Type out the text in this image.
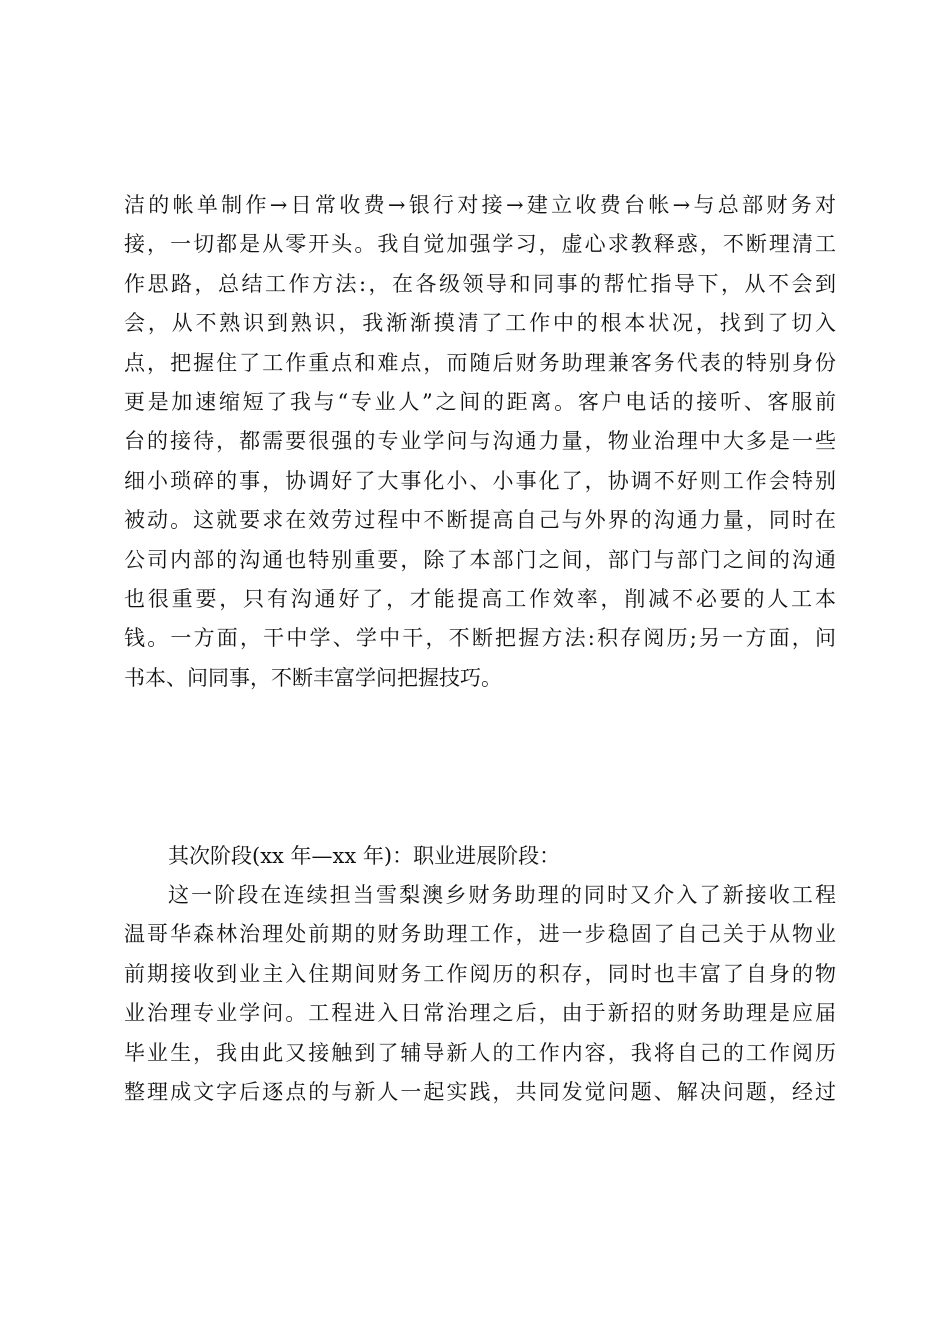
洁的帐单制作→日常收费→银行对接→建立收费台帐→与总部财务对
接，一切都是从零开头。我自觉加强学习，虚心求教释惑，不断理清工
作思路，总结工作方法:，在各级领导和同事的帮忙指导下，从不会到
会，从不熟识到熟识，我渐渐摸清了工作中的根本状况，找到了切入
点，把握住了工作重点和难点，而随后财务助理兼客务代表的特别身份
更是加速缩短了我与“专业人”之间的距离。客户电话的接听、客服前
台的接待，都需要很强的专业学问与沟通力量，物业治理中大多是一些
细小琐碎的事，协调好了大事化小、小事化了，协调不好则工作会特别
被动。这就要求在效劳过程中不断提高自己与外界的沟通力量，同时在
公司内部的沟通也特别重要，除了本部门之间，部门与部门之间的沟通
也很重要，只有沟通好了，才能提高工作效率，削减不必要的人工本
钱。一方面，干中学、学中干，不断把握方法:积存阅历;另一方面，问
书本、问同事，不断丰富学问把握技巧。
其次阶段(xx 年—xx 年)：职业进展阶段：
这一阶段在连续担当雪梨澳乡财务助理的同时又介入了新接收工程
温哥华森林治理处前期的财务助理工作，进一步稳固了自己关于从物业
前期接收到业主入住期间财务工作阅历的积存，同时也丰富了自身的物
业治理专业学问。工程进入日常治理之后，由于新招的财务助理是应届
毕业生，我由此又接触到了辅导新人的工作内容，我将自己的工作阅历
整理成文字后逐点的与新人一起实践，共同发觉问题、解决问题，经过
